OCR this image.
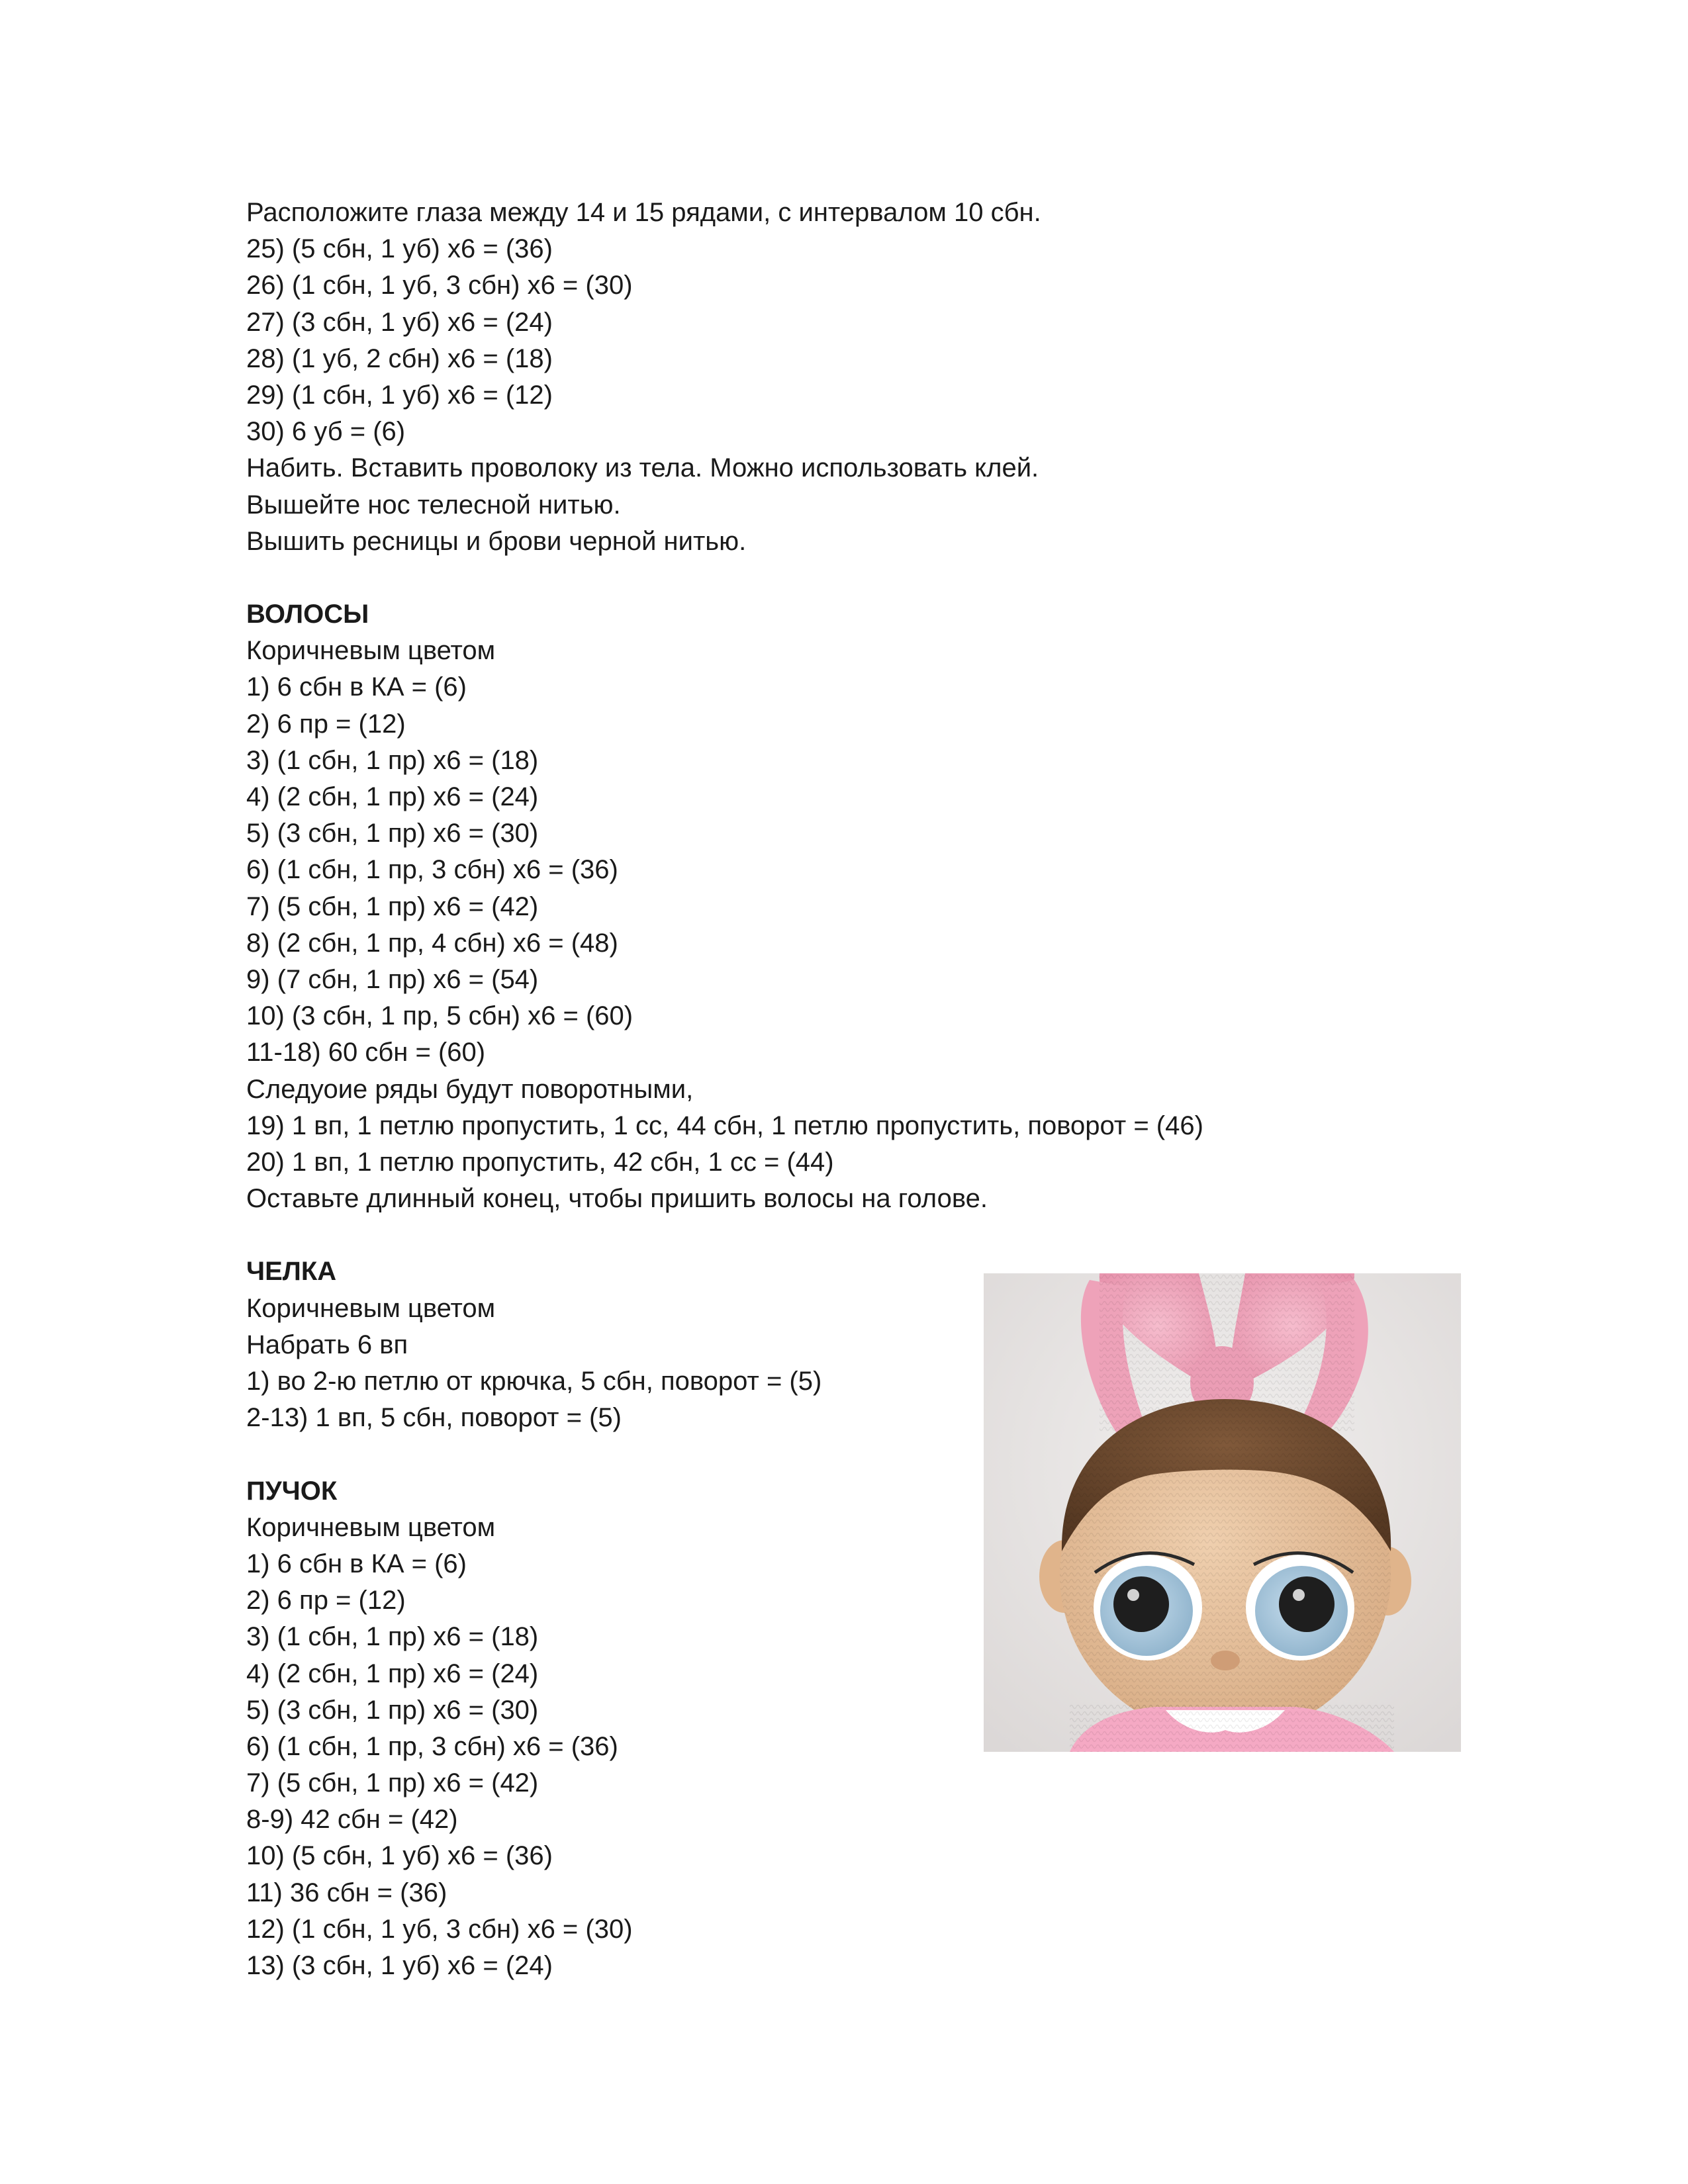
Расположите глаза между 14 и 15 рядами, с интервалом 10 сбн.
25) (5 сбн, 1 уб) х6 = (36)
26) (1 сбн, 1 уб, 3 сбн) х6 = (30)
27) (3 сбн, 1 уб) х6 = (24)
28) (1 уб, 2 сбн) х6 = (18)
29) (1 сбн, 1 уб) х6 = (12)
30) 6 уб = (6)
Набить. Вставить проволоку из тела. Можно использовать клей.
Вышейте нос телесной нитью.
Вышить ресницы и брови черной нитью.
ВОЛОСЫ
Коричневым цветом
1) 6 сбн в КА = (6)
2) 6 пр = (12)
3) (1 сбн, 1 пр) х6 = (18)
4) (2 сбн, 1 пр) х6 = (24)
5) (3 сбн, 1 пр) х6 = (30)
6) (1 сбн, 1 пр, 3 сбн) х6 = (36)
7) (5 сбн, 1 пр) х6 = (42)
8) (2 сбн, 1 пр, 4 сбн) х6 = (48)
9) (7 сбн, 1 пр) х6 = (54)
10) (3 сбн, 1 пр, 5 сбн) х6 = (60)
11-18) 60 сбн = (60)
Следуоие ряды будут поворотными,
19) 1 вп, 1 петлю пропустить, 1 сс, 44 сбн, 1 петлю пропустить, поворот = (46)
20) 1 вп, 1 петлю пропустить, 42 сбн, 1 сс = (44)
Оставьте длинный конец, чтобы пришить волосы на голове.
ЧЕЛКА
Коричневым цветом
Набрать 6 вп
1) во 2-ю петлю от крючка, 5 сбн, поворот = (5)
2-13) 1 вп, 5 сбн, поворот = (5)
ПУЧОК
Коричневым цветом
1) 6 сбн в КА = (6)
2) 6 пр = (12)
3) (1 сбн, 1 пр) х6 = (18)
4) (2 сбн, 1 пр) х6 = (24)
5) (3 сбн, 1 пр) х6 = (30)
6) (1 сбн, 1 пр, 3 сбн) х6 = (36)
7) (5 сбн, 1 пр) х6 = (42)
8-9) 42 сбн = (42)
10) (5 сбн, 1 уб) х6 = (36)
11) 36 сбн = (36)
12) (1 сбн, 1 уб, 3 сбн) х6 = (30)
13) (3 сбн, 1 уб) х6 = (24)
